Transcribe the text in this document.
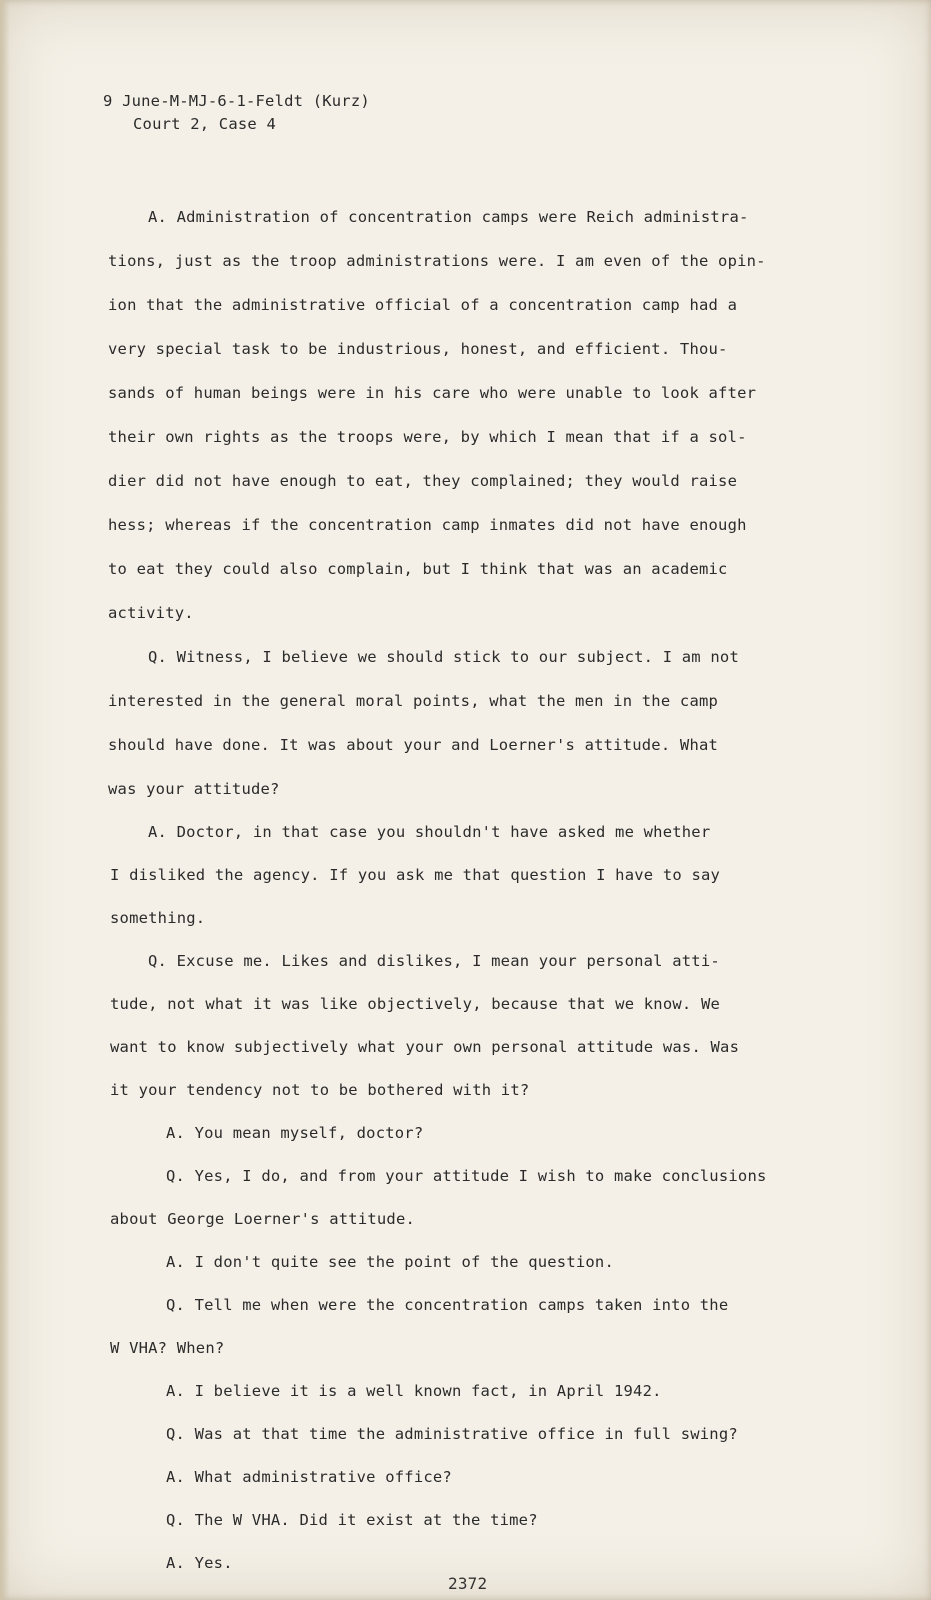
9 June-M-MJ-6-1-Feldt (Kurz)

Court 2, Case 4

A. Administration of concentration camps were Reich administra-

tions, just as the troop administrations were. I am even of the opin-

ion that the administrative official of a concentration camp had a

very special task to be industrious, honest, and efficient. Thou-

sands of human beings were in his care who were unable to look after

their own rights as the troops were, by which I mean that if a sol-

dier did not have enough to eat, they complained; they would raise

hess; whereas if the concentration camp inmates did not have enough

to eat they could also complain, but I think that was an academic

activity.

Q. Witness, I believe we should stick to our subject. I am not

interested in the general moral points, what the men in the camp

should have done. It was about your and Loerner's attitude. What

was your attitude?

A. Doctor, in that case you shouldn't have asked me whether

I disliked the agency. If you ask me that question I have to say

something.

Q. Excuse me. Likes and dislikes, I mean your personal atti-

tude, not what it was like objectively, because that we know. We

want to know subjectively what your own personal attitude was. Was

it your tendency not to be bothered with it?

A. You mean myself, doctor?

Q. Yes, I do, and from your attitude I wish to make conclusions

about George Loerner's attitude.

A. I don't quite see the point of the question.

Q. Tell me when were the concentration camps taken into the

W VHA? When?

A. I believe it is a well known fact, in April 1942.

Q. Was at that time the administrative office in full swing?

A. What administrative office?

Q. The W VHA. Did it exist at the time?

A. Yes.

2372
